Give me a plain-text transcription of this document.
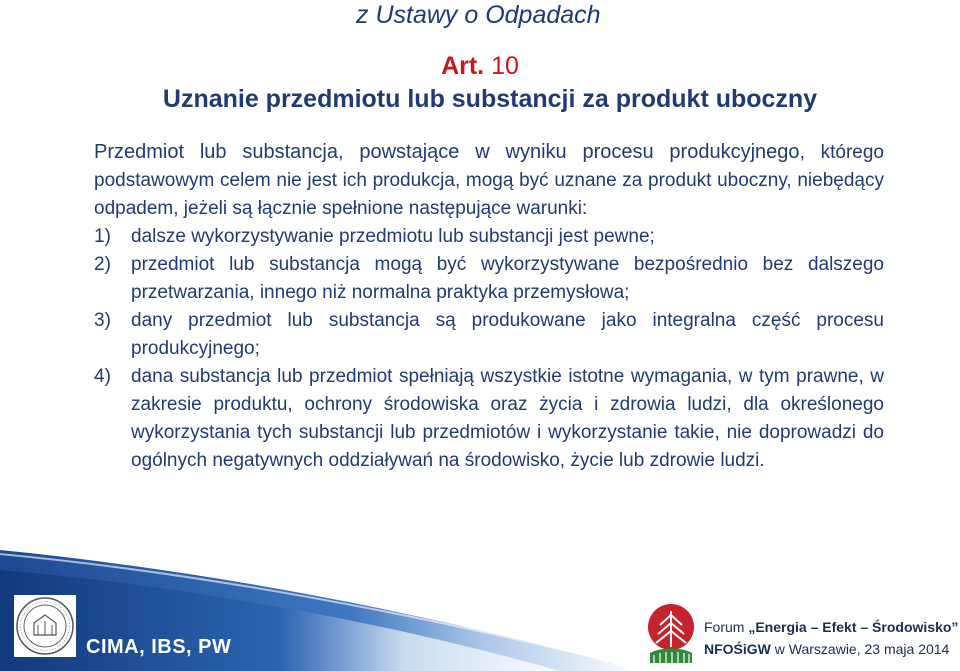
z Ustawy o Odpadach
Art. 10
Uznanie przedmiotu lub substancji za produkt uboczny

Przedmiot lub substancja, powstające w wyniku procesu produkcyjnego, którego podstawowym celem nie jest ich produkcja, mogą być uznane za produkt uboczny, niebędący odpadem, jeżeli są łącznie spełnione następujące warunki:

1) dalsze wykorzystywanie przedmiotu lub substancji jest pewne;
2) przedmiot lub substancja mogą być wykorzystywane bezpośrednio bez dalszego przetwarzania, innego niż normalna praktyka przemysłowa;
3) dany przedmiot lub substancja są produkowane jako integralna część procesu produkcyjnego;
4) dana substancja lub przedmiot spełniają wszystkie istotne wymagania, w tym prawne, w zakresie produktu, ochrony środowiska oraz życia i zdrowia ludzi, dla określonego wykorzystania tych substancji lub przedmiotów i wykorzystanie takie, nie doprowadzi do ogólnych negatywnych oddziaływań na środowisko, życie lub zdrowie ludzi.
CIMA, IBS, PW
Forum „Energia – Efekt – Środowisko”
NFOŚiGW w Warszawie, 23 maja 2014
